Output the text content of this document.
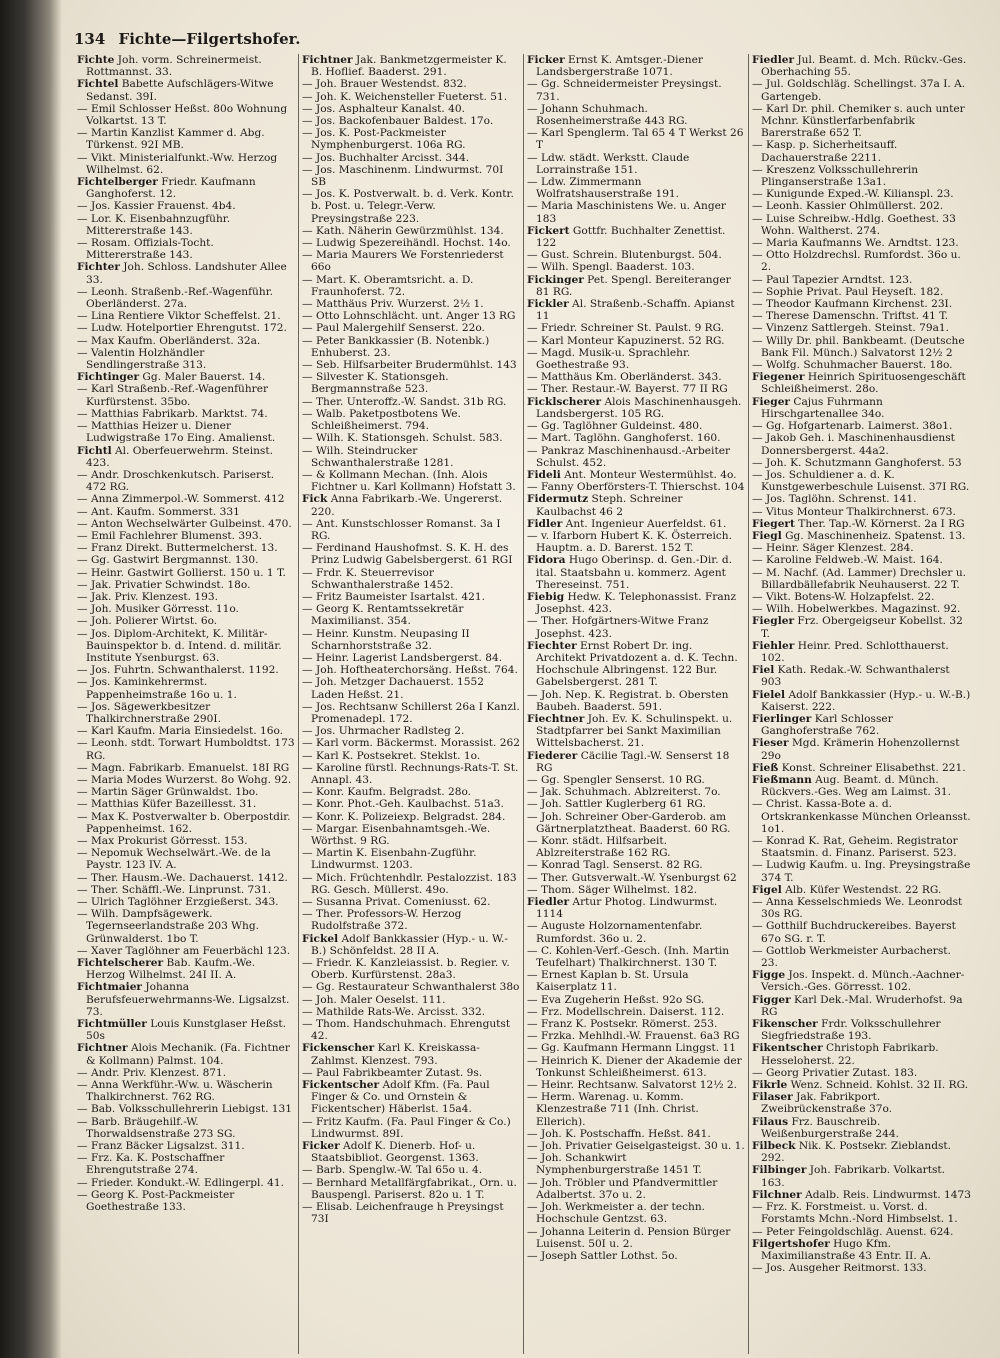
134 Fichte—Filgertshofer.

Fichte Joh. vorm. Schreinermeist. Rottmannst. 33.

Fichtel Babette Aufschlägers-Witwe Sedanst. 39I.

— Emil Schlosser Heßst. 80o Wohnung Volkartst. 13 T.

— Martin Kanzlist Kammer d. Abg. Türkenst. 92I MB.

— Vikt. Ministerialfunkt.-Ww. Herzog Wilhelmst. 62.

Fichtelberger Friedr. Kaufmann Ganghoferst. 12.

— Jos. Kassier Frauenst. 4b4.

— Lor. K. Eisenbahnzugführ. Mittererstraße 143.

— Rosam. Offizials-Tocht. Mittererstraße 143.

Fichter Joh. Schloss. Landshuter Allee 33.

— Leonh. Straßenb.-Ref.-Wagenführ. Oberländerst. 27a.

— Lina Rentiere Viktor Scheffelst. 21.

— Ludw. Hotelportier Ehrengutst. 172.

— Max Kaufm. Oberländerst. 32a.

— Valentin Holzhändler Sendlingerstraße 313.

Fichtinger Gg. Maler Bauerst. 14.

— Karl Straßenb.-Ref.-Wagenführer Kurfürstenst. 35bo.

— Matthias Fabrikarb. Marktst. 74.

— Matthias Heizer u. Diener Ludwigstraße 17o Eing. Amalienst.

Fichtl Al. Oberfeuerwehrm. Steinst. 423.

— Andr. Droschkenkutsch. Pariserst. 472 RG.

— Anna Zimmerpol.-W. Sommerst. 412

— Ant. Kaufm. Sommerst. 331

— Anton Wechselwärter Gulbeinst. 470.

— Emil Fachlehrer Blumenst. 393.

— Franz Direkt. Buttermelcherst. 13.

— Gg. Gastwirt Bergmannst. 130.

— Heinr. Gastwirt Gollierst. 150 u. 1 T.

— Jak. Privatier Schwindst. 18o.

— Jak. Priv. Klenzest. 193.

— Joh. Musiker Görresst. 11o.

— Joh. Polierer Wirtst. 6o.

— Jos. Diplom-Architekt, K. Militär-Bauinspektor b. d. Intend. d. militär. Institute Ysenburgst. 63.

— Jos. Fuhrtn. Schwanthalerst. 1192.

— Jos. Kaminkehrermst. Pappenheimstraße 16o u. 1.

— Jos. Sägewerkbesitzer Thalkirchnerstraße 290I.

— Karl Kaufm. Maria Einsiedelst. 16o.

— Leonh. stdt. Torwart Humboldtst. 173 RG.

— Magn. Fabrikarb. Emanuelst. 18I RG

— Maria Modes Wurzerst. 8o Wohg. 92.

— Martin Säger Grünwaldst. 1bo.

— Matthias Küfer Bazeillesst. 31.

— Max K. Postverwalter b. Oberpostdir. Pappenheimst. 162.

— Max Prokurist Görresst. 153.

— Nepomuk Wechselwärt.-We. de la Paystr. 123 IV. A.

— Ther. Hausm.-We. Dachauerst. 1412.

— Ther. Schäffl.-We. Linprunst. 731.

— Ulrich Taglöhner Erzgießerst. 343.

— Wilh. Dampfsägewerk. Tegernseerlandstraße 203 Whg. Grünwalderst. 1bo T.

— Xaver Taglöhner am Feuerbächl 123.

Fichtelscherer Bab. Kaufm.-We. Herzog Wilhelmst. 24I II. A.

Fichtmaier Johanna Berufsfeuerwehrmanns-We. Ligsalzst. 73.

Fichtmüller Louis Kunstglaser Heßst. 50s

Fichtner Alois Mechanik. (Fa. Fichtner & Kollmann) Palmst. 104.

— Andr. Priv. Klenzest. 871.

— Anna Werkführ.-Ww. u. Wäscherin Thalkirchnerst. 762 RG.

— Bab. Volksschullehrerin Liebigst. 131

— Barb. Bräugehilf.-W. Thorwaldsenstraße 273 SG.

— Franz Bäcker Ligsalzst. 311.

— Frz. Ka. K. Postschaffner Ehrengutstraße 274.

— Frieder. Kondukt.-W. Edlingerpl. 41.

— Georg K. Post-Packmeister Goethestraße 133.

Fichtner Jak. Bankmetzgermeister K. B. Hoflief. Baaderst. 291.

— Joh. Brauer Westendst. 832.

— Joh. K. Weichensteller Fueterst. 51.

— Jos. Asphalteur Kanalst. 40.

— Jos. Backofenbauer Baldest. 17o.

— Jos. K. Post-Packmeister Nymphenburgerst. 106a RG.

— Jos. Buchhalter Arcisst. 344.

— Jos. Maschinenm. Lindwurmst. 70I SB

— Jos. K. Postverwalt. b. d. Verk. Kontr. b. Post. u. Telegr.-Verw. Preysingstraße 223.

— Kath. Näherin Gewürzmühlst. 134.

— Ludwig Spezereihändl. Hochst. 14o.

— Maria Maurers We Forstenriederst 66o

— Mart. K. Oberamtsricht. a. D. Fraunhoferst. 72.

— Matthäus Priv. Wurzerst. 2½ 1.

— Otto Lohnschlächt. unt. Anger 13 RG

— Paul Malergehilf Senserst. 22o.

— Peter Bankkassier (B. Notenbk.) Enhuberst. 23.

— Seb. Hilfsarbeiter Brudermühlst. 143

— Silvester K. Stationsgeh. Bergmannstraße 523.

— Ther. Unteroffz.-W. Sandst. 31b RG.

— Walb. Paketpostbotens We. Schleißheimerst. 794.

— Wilh. K. Stationsgeh. Schulst. 583.

— Wilh. Steindrucker Schwanthalerstraße 1281.

— & Kollmann Mechan. (Inh. Alois Fichtner u. Karl Kollmann) Hofstatt 3.

Fick Anna Fabrikarb.-We. Ungererst. 220.

— Ant. Kunstschlosser Romanst. 3a I RG.

— Ferdinand Haushofmst. S. K. H. des Prinz Ludwig Gabelsbergerst. 61 RGI

— Frdr. K. Steuerrevisor Schwanthalerstraße 1452.

— Fritz Baumeister Isartalst. 421.

— Georg K. Rentamtssekretär Maximilianst. 354.

— Heinr. Kunstm. Neupasing II Scharnhorststraße 32.

— Heinr. Lagerist Landsbergerst. 84.

— Joh. Hoftheaterchorsäng. Heßst. 764.

— Joh. Metzger Dachauerst. 1552 Laden Heßst. 21.

— Jos. Rechtsanw Schillerst 26a I Kanzl. Promenadepl. 172.

— Jos. Uhrmacher Radlsteg 2.

— Karl vorm. Bäckermst. Morassist. 262

— Karl K. Postsekret. Steklst. 1o.

— Karoline fürstl. Rechnungs-Rats-T. St. Annapl. 43.

— Konr. Kaufm. Belgradst. 28o.

— Konr. Phot.-Geh. Kaulbachst. 51a3.

— Konr. K. Polizeiexp. Belgradst. 284.

— Margar. Eisenbahnamtsgeh.-We. Wörthst. 9 RG.

— Martin K. Eisenbahn-Zugführ. Lindwurmst. 1203.

— Mich. Früchtenhdlr. Pestalozzist. 183 RG. Gesch. Müllerst. 49o.

— Susanna Privat. Comeniusst. 62.

— Ther. Professors-W. Herzog Rudolfstraße 372.

Fickel Adolf Bankkassier (Hyp.- u. W.-B.) Schönfeldst. 28 II A.

— Friedr. K. Kanzleiassist. b. Regier. v. Oberb. Kurfürstenst. 28a3.

— Gg. Restaurateur Schwanthalerst 38o

— Joh. Maler Oeselst. 111.

— Mathilde Rats-We. Arcisst. 332.

— Thom. Handschuhmach. Ehrengutst 42.

Fickenscher Karl K. Kreiskassa-Zahlmst. Klenzest. 793.

— Paul Fabrikbeamter Zutast. 9s.

Fickentscher Adolf Kfm. (Fa. Paul Finger & Co. und Ornstein & Fickentscher) Häberlst. 15a4.

— Fritz Kaufm. (Fa. Paul Finger & Co.) Lindwurmst. 89I.

Ficker Adolf K. Dienerb. Hof- u. Staatsbibliot. Georgenst. 1363.

— Barb. Spenglw.-W. Tal 65o u. 4.

— Bernhard Metallfärgfabrikat., Orn. u. Bauspengl. Pariserst. 82o u. 1 T.

— Elisab. Leichenfrauge h Preysingst 73I

Ficker Ernst K. Amtsger.-Diener Landsbergerstraße 1071.

— Gg. Schneidermeister Preysingst. 731.

— Johann Schuhmach. Rosenheimerstraße 443 RG.

— Karl Spenglerm. Tal 65 4 T Werkst 26 T

— Ldw. städt. Werkstt. Claude Lorrainstraße 151.

— Ldw. Zimmermann Wolfratshauserstraße 191.

— Maria Maschinistens We. u. Anger 183

Fickert Gottfr. Buchhalter Zenettist. 122

— Gust. Schrein. Blutenburgst. 504.

— Wilh. Spengl. Baaderst. 103.

Fickinger Pet. Spengl. Bereiteranger 81 RG.

Fickler Al. Straßenb.-Schaffn. Apianst 11

— Friedr. Schreiner St. Paulst. 9 RG.

— Karl Monteur Kapuzinerst. 52 RG.

— Magd. Musik-u. Sprachlehr. Goethestraße 93.

— Matthäus Km. Oberländerst. 343.

— Ther. Restaur.-W. Bayerst. 77 II RG

Ficklscherer Alois Maschinenhausgeh. Landsbergerst. 105 RG.

— Gg. Taglöhner Guldeinst. 480.

— Mart. Taglöhn. Ganghoferst. 160.

— Pankraz Maschinenhausd.-Arbeiter Schulst. 452.

Fideli Ant. Monteur Westermühlst. 4o.

— Fanny Oberförsters-T. Thierschst. 104

Fidermutz Steph. Schreiner Kaulbachst 46 2

Fidler Ant. Ingenieur Auerfeldst. 61.

— v. Ifarborn Hubert K. K. Österreich. Hauptm. a. D. Barerst. 152 T.

Fidora Hugo Oberinsp. d. Gen.-Dir. d. ital. Staatsbahn u. kommerz. Agent Thereseinst. 751.

Fiebig Hedw. K. Telephonassist. Franz Josephst. 423.

— Ther. Hofgärtners-Witwe Franz Josephst. 423.

Fiechter Ernst Robert Dr. ing. Architekt Privatdozent a. d. K. Techn. Hochschule Albringenst. 122 Bur. Gabelsbergerst. 281 T.

— Joh. Nep. K. Registrat. b. Obersten Baubeh. Baaderst. 591.

Fiechtner Joh. Ev. K. Schulinspekt. u. Stadtpfarrer bei Sankt Maximilian Wittelsbacherst. 21.

Fiederer Cäcilie Tagl.-W. Senserst 18 RG

— Gg. Spengler Senserst. 10 RG.

— Jak. Schuhmach. Ablzreiterst. 7o.

— Joh. Sattler Kuglerberg 61 RG.

— Joh. Schreiner Ober-Garderob. am Gärtnerplatztheat. Baaderst. 60 RG.

— Konr. städt. Hilfsarbeit. Ablzreiterstraße 162 RG.

— Konrad Tagl. Senserst. 82 RG.

— Ther. Gutsverwalt.-W. Ysenburgst 62

— Thom. Säger Wilhelmst. 182.

Fiedler Artur Photog. Lindwurmst. 1114

— Auguste Holzornamentenfabr. Rumfordst. 36o u. 2.

— C. Kohlen-Verf.-Gesch. (Inh. Martin Teufelhart) Thalkirchnerst. 130 T.

— Ernest Kaplan b. St. Ursula Kaiserplatz 11.

— Eva Zugeherin Heßst. 92o SG.

— Frz. Modellschrein. Daiserst. 112.

— Franz K. Postsekr. Römerst. 253.

— Frzka. Mehlhdl.-W. Frauenst. 6a3 RG

— Gg. Kaufmann Hermann Linggst. 11

— Heinrich K. Diener der Akademie der Tonkunst Schleißheimerst. 613.

— Heinr. Rechtsanw. Salvatorst 12½ 2.

— Herm. Warenag. u. Komm. Klenzestraße 711 (Inh. Christ. Ellerich).

— Joh. K. Postschaffn. Heßst. 841.

— Joh. Privatier Geiselgasteigst. 30 u. 1.

— Joh. Schankwirt Nymphenburgerstraße 1451 T.

— Joh. Tröbler und Pfandvermittler Adalbertst. 37o u. 2.

— Joh. Werkmeister a. der techn. Hochschule Gentzst. 63.

— Johanna Leiterin d. Pension Bürger Luisenst. 50I u. 2.

— Joseph Sattler Lothst. 5o.

Fiedler Jul. Beamt. d. Mch. Rückv.-Ges. Oberhaching 55.

— Jul. Goldschläg. Schellingst. 37a I. A. Gartengeb.

— Karl Dr. phil. Chemiker s. auch unter Mchnr. Künstlerfarbenfabrik Barerstraße 652 T.

— Kasp. p. Sicherheitsauff. Dachauerstraße 2211.

— Kreszenz Volksschullehrerin Plinganserstraße 13a1.

— Kunigunde Exped.-W. Kilianspl. 23.

— Leonh. Kassier Ohlmüllerst. 202.

— Luise Schreibw.-Hdlg. Goethest. 33 Wohn. Waltherst. 274.

— Maria Kaufmanns We. Arndtst. 123.

— Otto Holzdrechsl. Rumfordst. 36o u. 2.

— Paul Tapezier Arndtst. 123.

— Sophie Privat. Paul Heyseſt. 182.

— Theodor Kaufmann Kirchenst. 23I.

— Therese Damenschn. Triftst. 41 T.

— Vinzenz Sattlergeh. Steinst. 79a1.

— Willy Dr. phil. Bankbeamt. (Deutsche Bank Fil. Münch.) Salvatorst 12½ 2

— Wolfg. Schuhmacher Bauerst. 18o.

Fiegener Heinrich Spirituosengeschäft Schleißheimerst. 28o.

Fieger Cajus Fuhrmann Hirschgartenallee 34o.

— Gg. Hofgartenarb. Laimerst. 38o1.

— Jakob Geh. i. Maschinenhausdienst Donnersbergerst. 44a2.

— Joh. K. Schutzmann Ganghoferst. 53

— Jos. Schuldiener a. d. K. Kunstgewerbeschule Luisenst. 37I RG.

— Jos. Taglöhn. Schrenst. 141.

— Vitus Monteur Thalkirchnerst. 673.

Fiegert Ther. Tap.-W. Körnerst. 2a I RG

Fiegl Gg. Maschinenheiz. Spatenst. 13.

— Heinr. Säger Klenzest. 284.

— Karoline Feldweb.-W. Maist. 164.

— M. Nachf. (Ad. Lammer) Drechsler u. Billardbällefabrik Neuhauserst. 22 T.

— Vikt. Botens-W. Holzapfelst. 22.

— Wilh. Hobelwerkbes. Magazinst. 92.

Fiegler Frz. Obergeigseur Kobellst. 32 T.

Fiehler Heinr. Pred. Schlotthauerst. 102.

Fiel Kath. Redak.-W. Schwanthalerst 903

Fielel Adolf Bankkassier (Hyp.- u. W.-B.) Kaiserst. 222.

Fierlinger Karl Schlosser Ganghoferstraße 762.

Fieser Mgd. Krämerin Hohenzollernst 29o

Fieß Konst. Schreiner Elisabethst. 221.

Fießmann Aug. Beamt. d. Münch. Rückvers.-Ges. Weg am Laimst. 31.

— Christ. Kassa-Bote a. d. Ortskrankenkasse München Orleansst. 1o1.

— Konrad K. Rat, Geheim. Registrator Staatsmin. d. Finanz. Pariserst. 523.

— Ludwig Kaufm. u. Ing. Preysingstraße 374 T.

Figel Alb. Küfer Westendst. 22 RG.

— Anna Kesselschmieds We. Leonrodst 30s RG.

— Gotthilf Buchdruckereibes. Bayerst 67o SG. r. T.

— Gottlob Werkmeister Aurbacherst. 23.

Figge Jos. Inspekt. d. Münch.-Aachner-Versich.-Ges. Görresst. 102.

Figger Karl Dek.-Mal. Wruderhofst. 9a RG

Fikenscher Frdr. Volksschullehrer Siegfriedstraße 193.

Fikentscher Christoph Fabrikarb. Hesseloherst. 22.

— Georg Privatier Zutast. 183.

Fikrle Wenz. Schneid. Kohlst. 32 II. RG.

Filaser Jak. Fabrikport. Zweibrückenstraße 37o.

Filaus Frz. Bauschreib. Weißenburgerstraße 244.

Filbeck Nik. K. Postsekr. Zieblandst. 292.

Filbinger Joh. Fabrikarb. Volkartst. 163.

Filchner Adalb. Reis. Lindwurmst. 1473

— Frz. K. Forstmeist. u. Vorst. d. Forstamts Mchn.-Nord Himbselst. 1.

— Peter Feingoldschläg. Auenst. 624.

Filgertshofer Hugo Kfm. Maximilianstraße 43 Entr. II. A.

— Jos. Ausgeher Reitmorst. 133.
